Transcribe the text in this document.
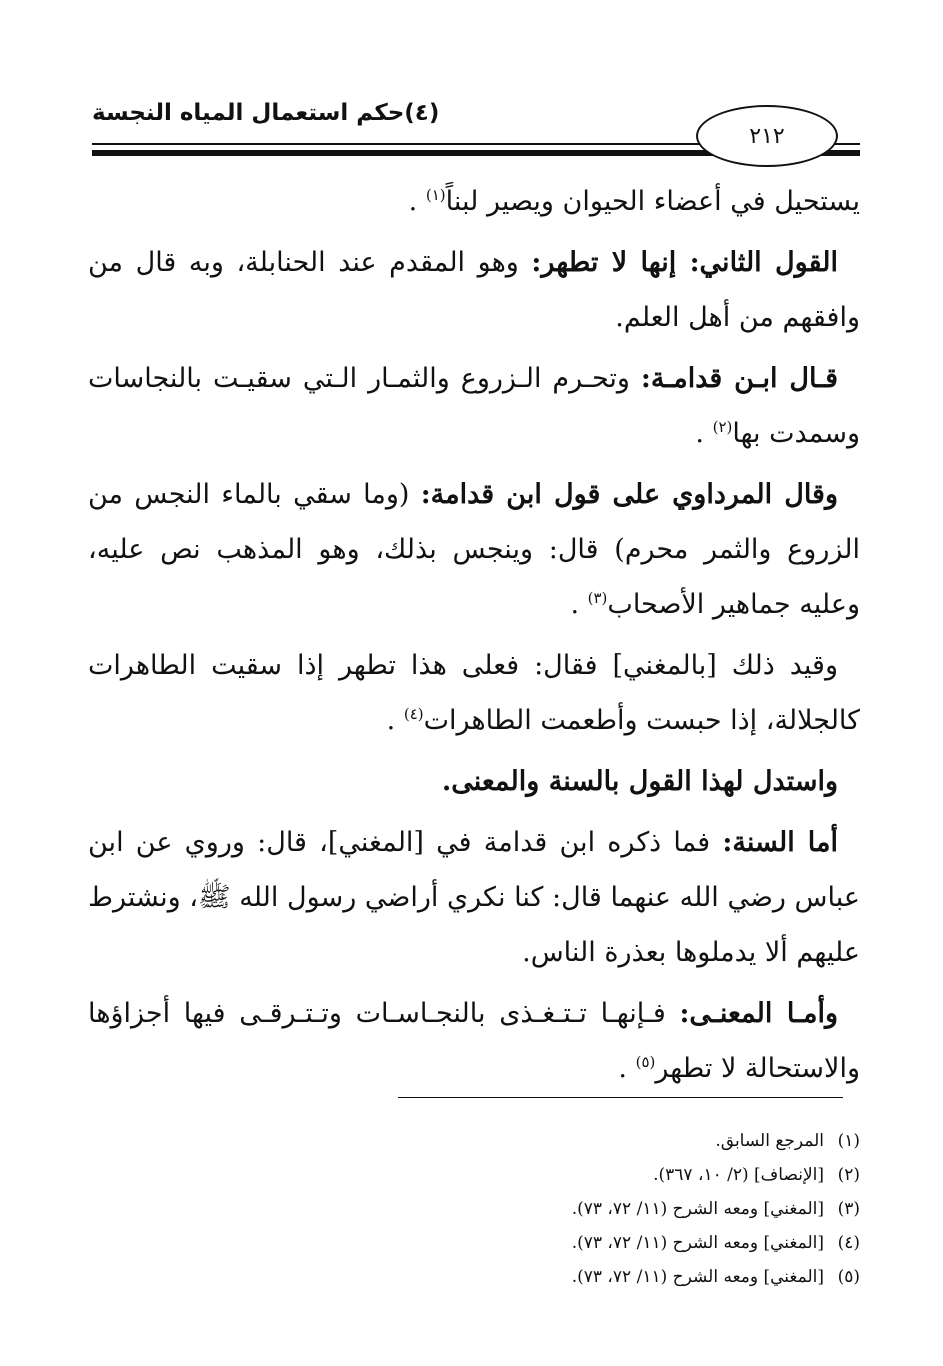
(٤)حكم استعمال المياه النجسة
٢١٢

يستحيل في أعضاء الحيوان ويصير لبناً$^{(١)}$ .

القول الثاني: إنها لا تطهر: وهو المقدم عند الحنابلة، وبه قال من وافقهم من أهل العلم.

قـال ابـن قدامـة: وتحـرم الـزروع والثمـار الـتي سقيـت بالنجاسات وسمدت بها$^{(٢)}$ .

وقال المرداوي على قول ابن قدامة: (وما سقي بالماء النجس من الزروع والثمر محرم) قال: وينجس بذلك، وهو المذهب نص عليه، وعليه جماهير الأصحاب$^{(٣)}$ .

وقيد ذلك [بالمغني] فقال: فعلى هذا تطهر إذا سقيت الطاهرات كالجلالة، إذا حبست وأطعمت الطاهرات$^{(٤)}$ .

واستدل لهذا القول بالسنة والمعنى.

أما السنة: فما ذكره ابن قدامة في [المغني]، قال: وروي عن ابن عباس رضي الله عنهما قال: كنا نكري أراضي رسول الله ﷺ، ونشترط عليهم ألا يدملوها بعذرة الناس.

وأمـا المعنـى: فـإنهـا تـتـغـذى بالنجـاسـات وتـتـرقـى فيها أجزاؤها والاستحالة لا تطهر$^{(٥)}$ .

(١)
المرجع السابق.
(٢)
[الإنصاف] (٢/ ١٠، ٣٦٧).
(٣)
[المغني] ومعه الشرح (١١/ ٧٢، ٧٣).
(٤)
[المغني] ومعه الشرح (١١/ ٧٢، ٧٣).
(٥)
[المغني] ومعه الشرح (١١/ ٧٢، ٧٣).
